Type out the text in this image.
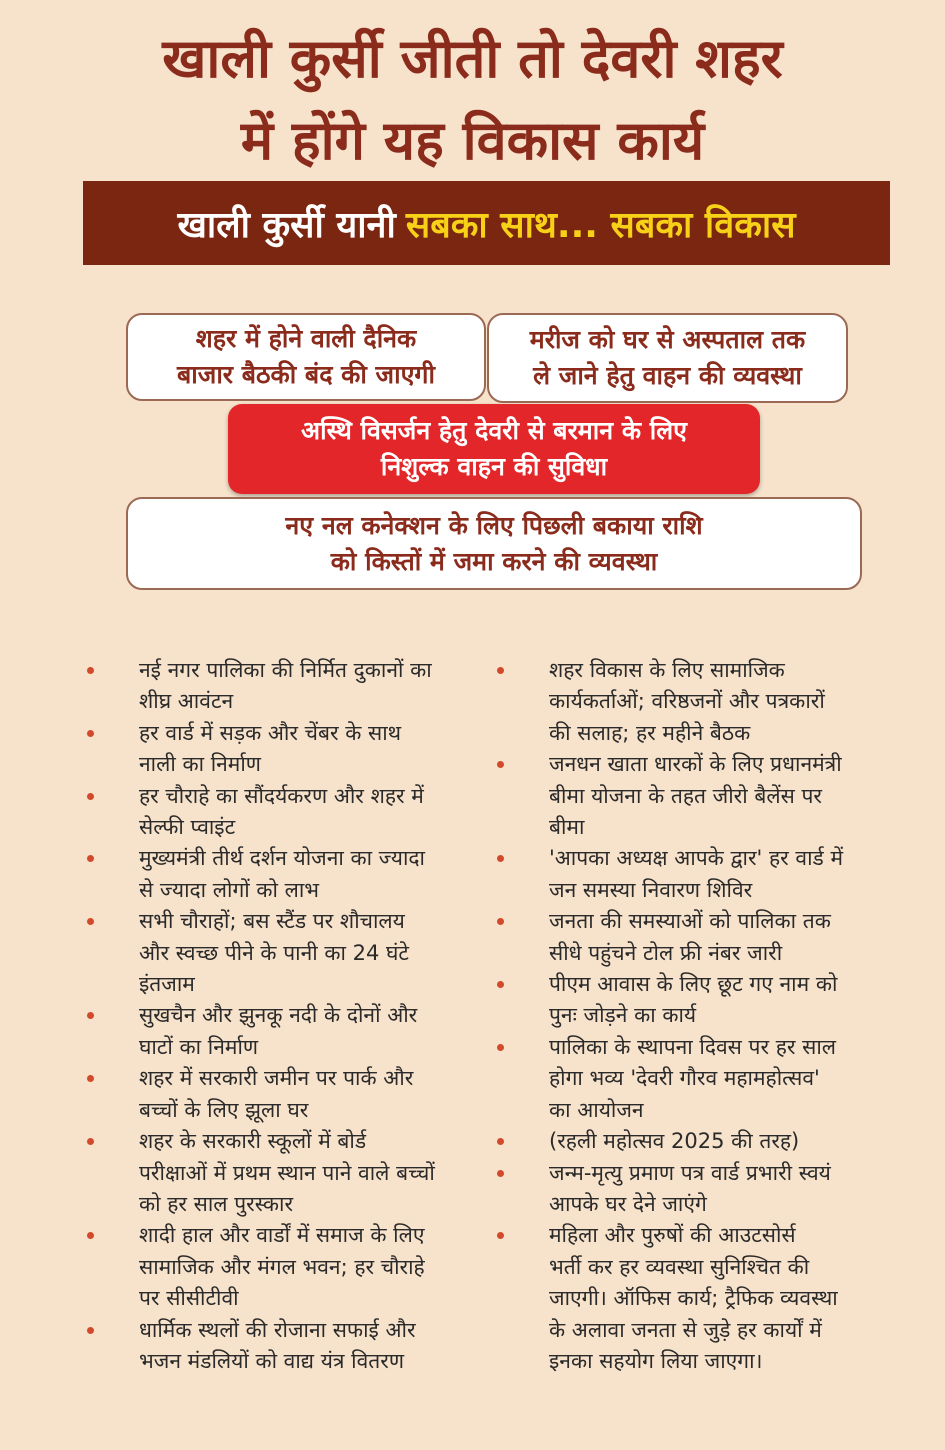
खाली कुर्सी जीती तो देवरी शहर
में होंगे यह विकास कार्य
खाली कुर्सी यानी सबका साथ... सबका विकास
शहर में होने वाली दैनिक
बाजार बैठकी बंद की जाएगी
मरीज को घर से अस्पताल तक
ले जाने हेतु वाहन की व्यवस्था
अस्थि विसर्जन हेतु देवरी से बरमान के लिए
निशुल्क वाहन की सुविधा
नए नल कनेक्शन के लिए पिछली बकाया राशि
को किस्तों में जमा करने की व्यवस्था
नई नगर पालिका की निर्मित दुकानों का
शीघ्र आवंटन
हर वार्ड में सड़क और चेंबर के साथ
नाली का निर्माण
हर चौराहे का सौंदर्यकरण और शहर में
सेल्फी प्वाइंट
मुख्यमंत्री तीर्थ दर्शन योजना का ज्यादा
से ज्यादा लोगों को लाभ
सभी चौराहों; बस स्टैंड पर शौचालय
और स्वच्छ पीने के पानी का 24 घंटे
इंतजाम
सुखचैन और झुनकू नदी के दोनों और
घाटों का निर्माण
शहर में सरकारी जमीन पर पार्क और
बच्चों के लिए झूला घर
शहर के सरकारी स्कूलों में बोर्ड
परीक्षाओं में प्रथम स्थान पाने वाले बच्चों
को हर साल पुरस्कार
शादी हाल और वार्डों में समाज के लिए
सामाजिक और मंगल भवन; हर चौराहे
पर सीसीटीवी
धार्मिक स्थलों की रोजाना सफाई और
भजन मंडलियों को वाद्य यंत्र वितरण
शहर विकास के लिए सामाजिक
कार्यकर्ताओं; वरिष्ठजनों और पत्रकारों
की सलाह; हर महीने बैठक
जनधन खाता धारकों के लिए प्रधानमंत्री
बीमा योजना के तहत जीरो बैलेंस पर
बीमा
'आपका अध्यक्ष आपके द्वार' हर वार्ड में
जन समस्या निवारण शिविर
जनता की समस्याओं को पालिका तक
सीधे पहुंचने टोल फ्री नंबर जारी
पीएम आवास के लिए छूट गए नाम को
पुनः जोड़ने का कार्य
पालिका के स्थापना दिवस पर हर साल
होगा भव्य 'देवरी गौरव महामहोत्सव'
का आयोजन
(रहली महोत्सव 2025 की तरह)
जन्म-मृत्यु प्रमाण पत्र वार्ड प्रभारी स्वयं
आपके घर देने जाएंगे
महिला और पुरुषों की आउटसोर्स
भर्ती कर हर व्यवस्था सुनिश्चित की
जाएगी। ऑफिस कार्य; ट्रैफिक व्यवस्था
के अलावा जनता से जुड़े हर कार्यों में
इनका सहयोग लिया जाएगा।
